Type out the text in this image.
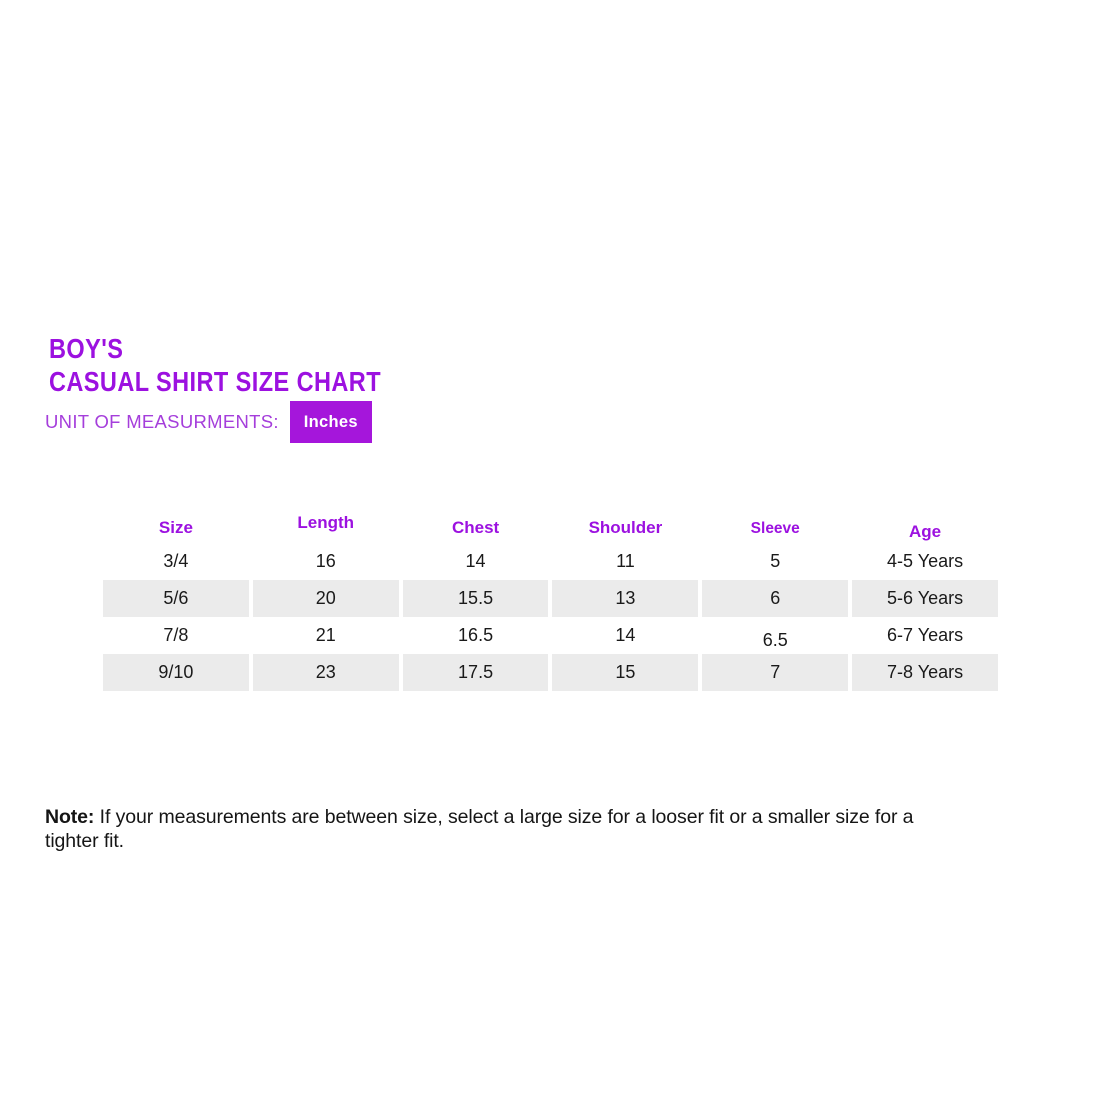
BOY'S
CASUAL SHIRT SIZE CHART
UNIT OF MEASURMENTS:	Inches
Size	Length	Chest	Shoulder	Sleeve	Age
3/4	16	14	11	5	4-5 Years
5/6	20	15.5	13	6	5-6 Years
7/8	21	16.5	14	6.5	6-7 Years
9/10	23	17.5	15	7	7-8 Years

Note: If your measurements are between size, select a large size for a looser fit or a smaller size for a tighter fit.
